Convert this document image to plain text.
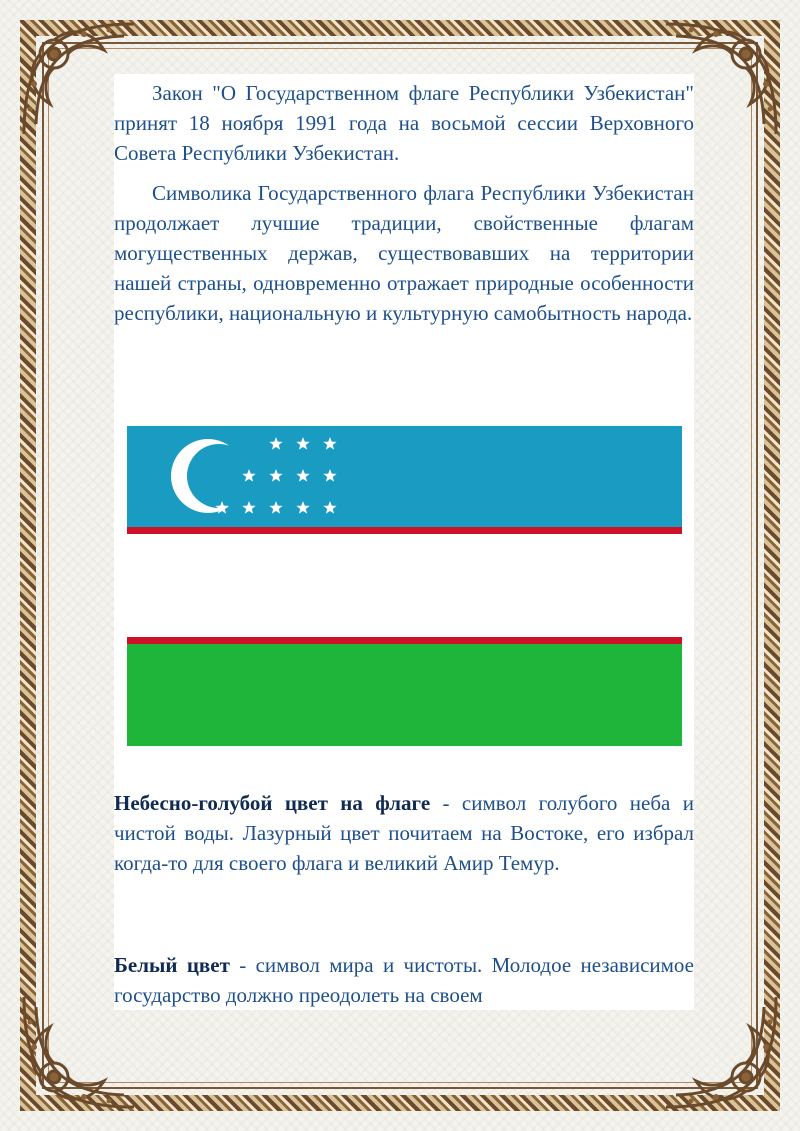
Закон "О Государственном флаге Республики Узбекистан" принят 18 ноября 1991 года на восьмой сессии Верховного Совета Республики Узбекистан.

Символика Государственного флага Республики Узбекистан продолжает лучшие традиции, свойственные флагам могущественных держав, существовавших на территории нашей страны, одновременно отражает природные особенности республики, национальную и культурную самобытность народа.

Небесно-голубой цвет на флаге - символ голубого неба и чистой воды. Лазурный цвет почитаем на Востоке, его избрал когда-то для своего флага и великий Амир Темур.

Белый цвет - символ мира и чистоты. Молодое независимое государство должно преодолеть на своем
